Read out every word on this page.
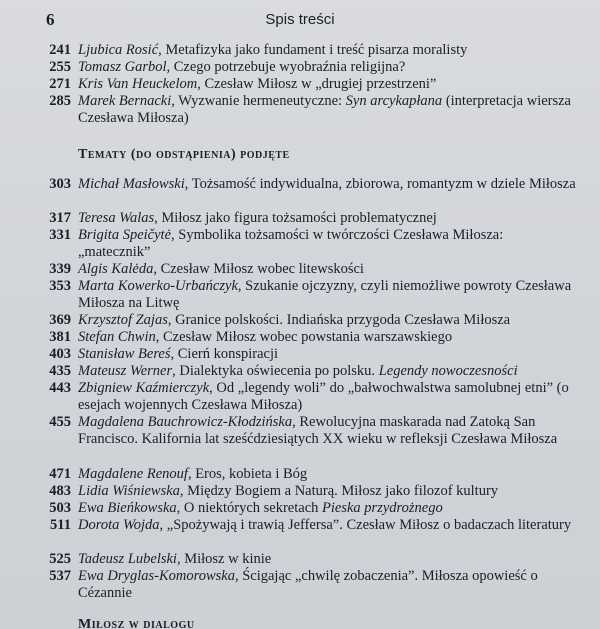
6	Spis treści
241 Ljubica Rosić, Metafizyka jako fundament i treść pisarza moralisty
255 Tomasz Garbol, Czego potrzebuje wyobraźnia religijna?
271 Kris Van Heuckelom, Czesław Miłosz w „drugiej przestrzeni”
285 Marek Bernacki, Wyzwanie hermeneutyczne: Syn arcykapłana (interpretacja wiersza Czesława Miłosza)
Tematy (do odstąpienia) podjęte
303 Michał Masłowski, Tożsamość indywidualna, zbiorowa, romantyzm w dziele Miłosza
317 Teresa Walas, Miłosz jako figura tożsamości problematycznej
331 Brigita Speičytė, Symbolika tożsamości w twórczości Czesława Miłosza: „matecznik”
339 Algis Kalėda, Czesław Miłosz wobec litewskości
353 Marta Kowerko-Urbańczyk, Szukanie ojczyzny, czyli niemożliwe powroty Czesława Miłosza na Litwę
369 Krzysztof Zajas, Granice polskości. Indiańska przygoda Czesława Miłosza
381 Stefan Chwin, Czesław Miłosz wobec powstania warszawskiego
403 Stanisław Bereś, Cierń konspiracji
435 Mateusz Werner, Dialektyka oświecenia po polsku. Legendy nowoczesności
443 Zbigniew Kaźmierczyk, Od „legendy woli” do „bałwochwalstwa samolubnej etni” (o esejach wojennych Czesława Miłosza)
455 Magdalena Bauchrowicz-Kłodzińska, Rewolucyjna maskarada nad Zatoką San Francisco. Kalifornia lat sześćdziesiątych XX wieku w refleksji Czesława Miłosza
471 Magdalene Renouf, Eros, kobieta i Bóg
483 Lidia Wiśniewska, Między Bogiem a Naturą. Miłosz jako filozof kultury
503 Ewa Bieńkowska, O niektórych sekretach Pieska przydrożnego
511 Dorota Wojda, „Spożywają i trawią Jeffersa”. Czesław Miłosz o badaczach literatury
525 Tadeusz Lubelski, Miłosz w kinie
537 Ewa Dryglas-Komorowska, Ścigając „chwilę zobaczenia”. Miłosza opowieść o Cézannie
Miłosz w dialogu
